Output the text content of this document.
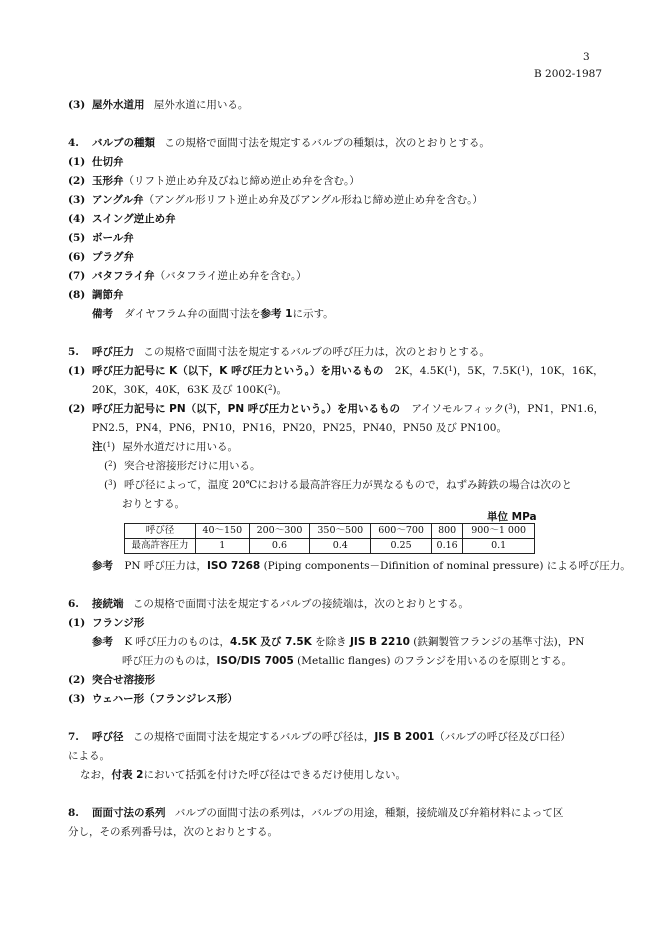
3
B 2002-1987
(3) 屋外水道用 屋外水道に用いる。
4. バルブの種類 この規格で面間寸法を規定するバルブの種類は，次のとおりとする。
(1) 仕切弁
(2) 玉形弁（リフト逆止め弁及びねじ締め逆止め弁を含む。）
(3) アングル弁（アングル形リフト逆止め弁及びアングル形ねじ締め逆止め弁を含む。）
(4) スイング逆止め弁
(5) ボール弁
(6) プラグ弁
(7) バタフライ弁（バタフライ逆止め弁を含む。）
(8) 調節弁
備考 ダイヤフラム弁の面間寸法を参考 1に示す。
5. 呼び圧力 この規格で面間寸法を規定するバルブの呼び圧力は，次のとおりとする。
(1) 呼び圧力記号に K（以下，K 呼び圧力という。）を用いるもの 2K，4.5K($^1$)，5K，7.5K($^1$)，10K，16K，
20K，30K，40K，63K 及び 100K($^2$)。
(2) 呼び圧力記号に PN（以下，PN 呼び圧力という。）を用いるもの アイソモルフィック($^3$)，PN1，PN1.6，
PN2.5，PN4，PN6，PN10，PN16，PN20，PN25，PN40，PN50 及び PN100。
注($^1$) 屋外水道だけに用いる。
($^2$) 突合せ溶接形だけに用いる。
($^3$) 呼び径によって，温度 20℃における最高許容圧力が異なるもので，ねずみ鋳鉄の場合は次のと
おりとする。
単位 MPa
呼び径	40～150	200～300	350～500	600～700	800	900～1 000
最高許容圧力	1	0.6	0.4	0.25	0.16	0.1
参考 PN 呼び圧力は，ISO 7268 (Piping components－Difinition of nominal pressure) による呼び圧力。
6. 接続端 この規格で面間寸法を規定するバルブの接続端は，次のとおりとする。
(1) フランジ形
参考 K 呼び圧力のものは，4.5K 及び 7.5K を除き JIS B 2210 (鉄鋼製管フランジの基準寸法)，PN
呼び圧力のものは，ISO/DIS 7005 (Metallic flanges) のフランジを用いるのを原則とする。
(2) 突合せ溶接形
(3) ウェハー形（フランジレス形）
7. 呼び径 この規格で面間寸法を規定するバルブの呼び径は，JIS B 2001（バルブの呼び径及び口径）
による。
なお，付表 2において括弧を付けた呼び径はできるだけ使用しない。
8. 面面寸法の系列 バルブの面間寸法の系列は，バルブの用途，種類，接続端及び弁箱材料によって区
分し，その系列番号は，次のとおりとする。
